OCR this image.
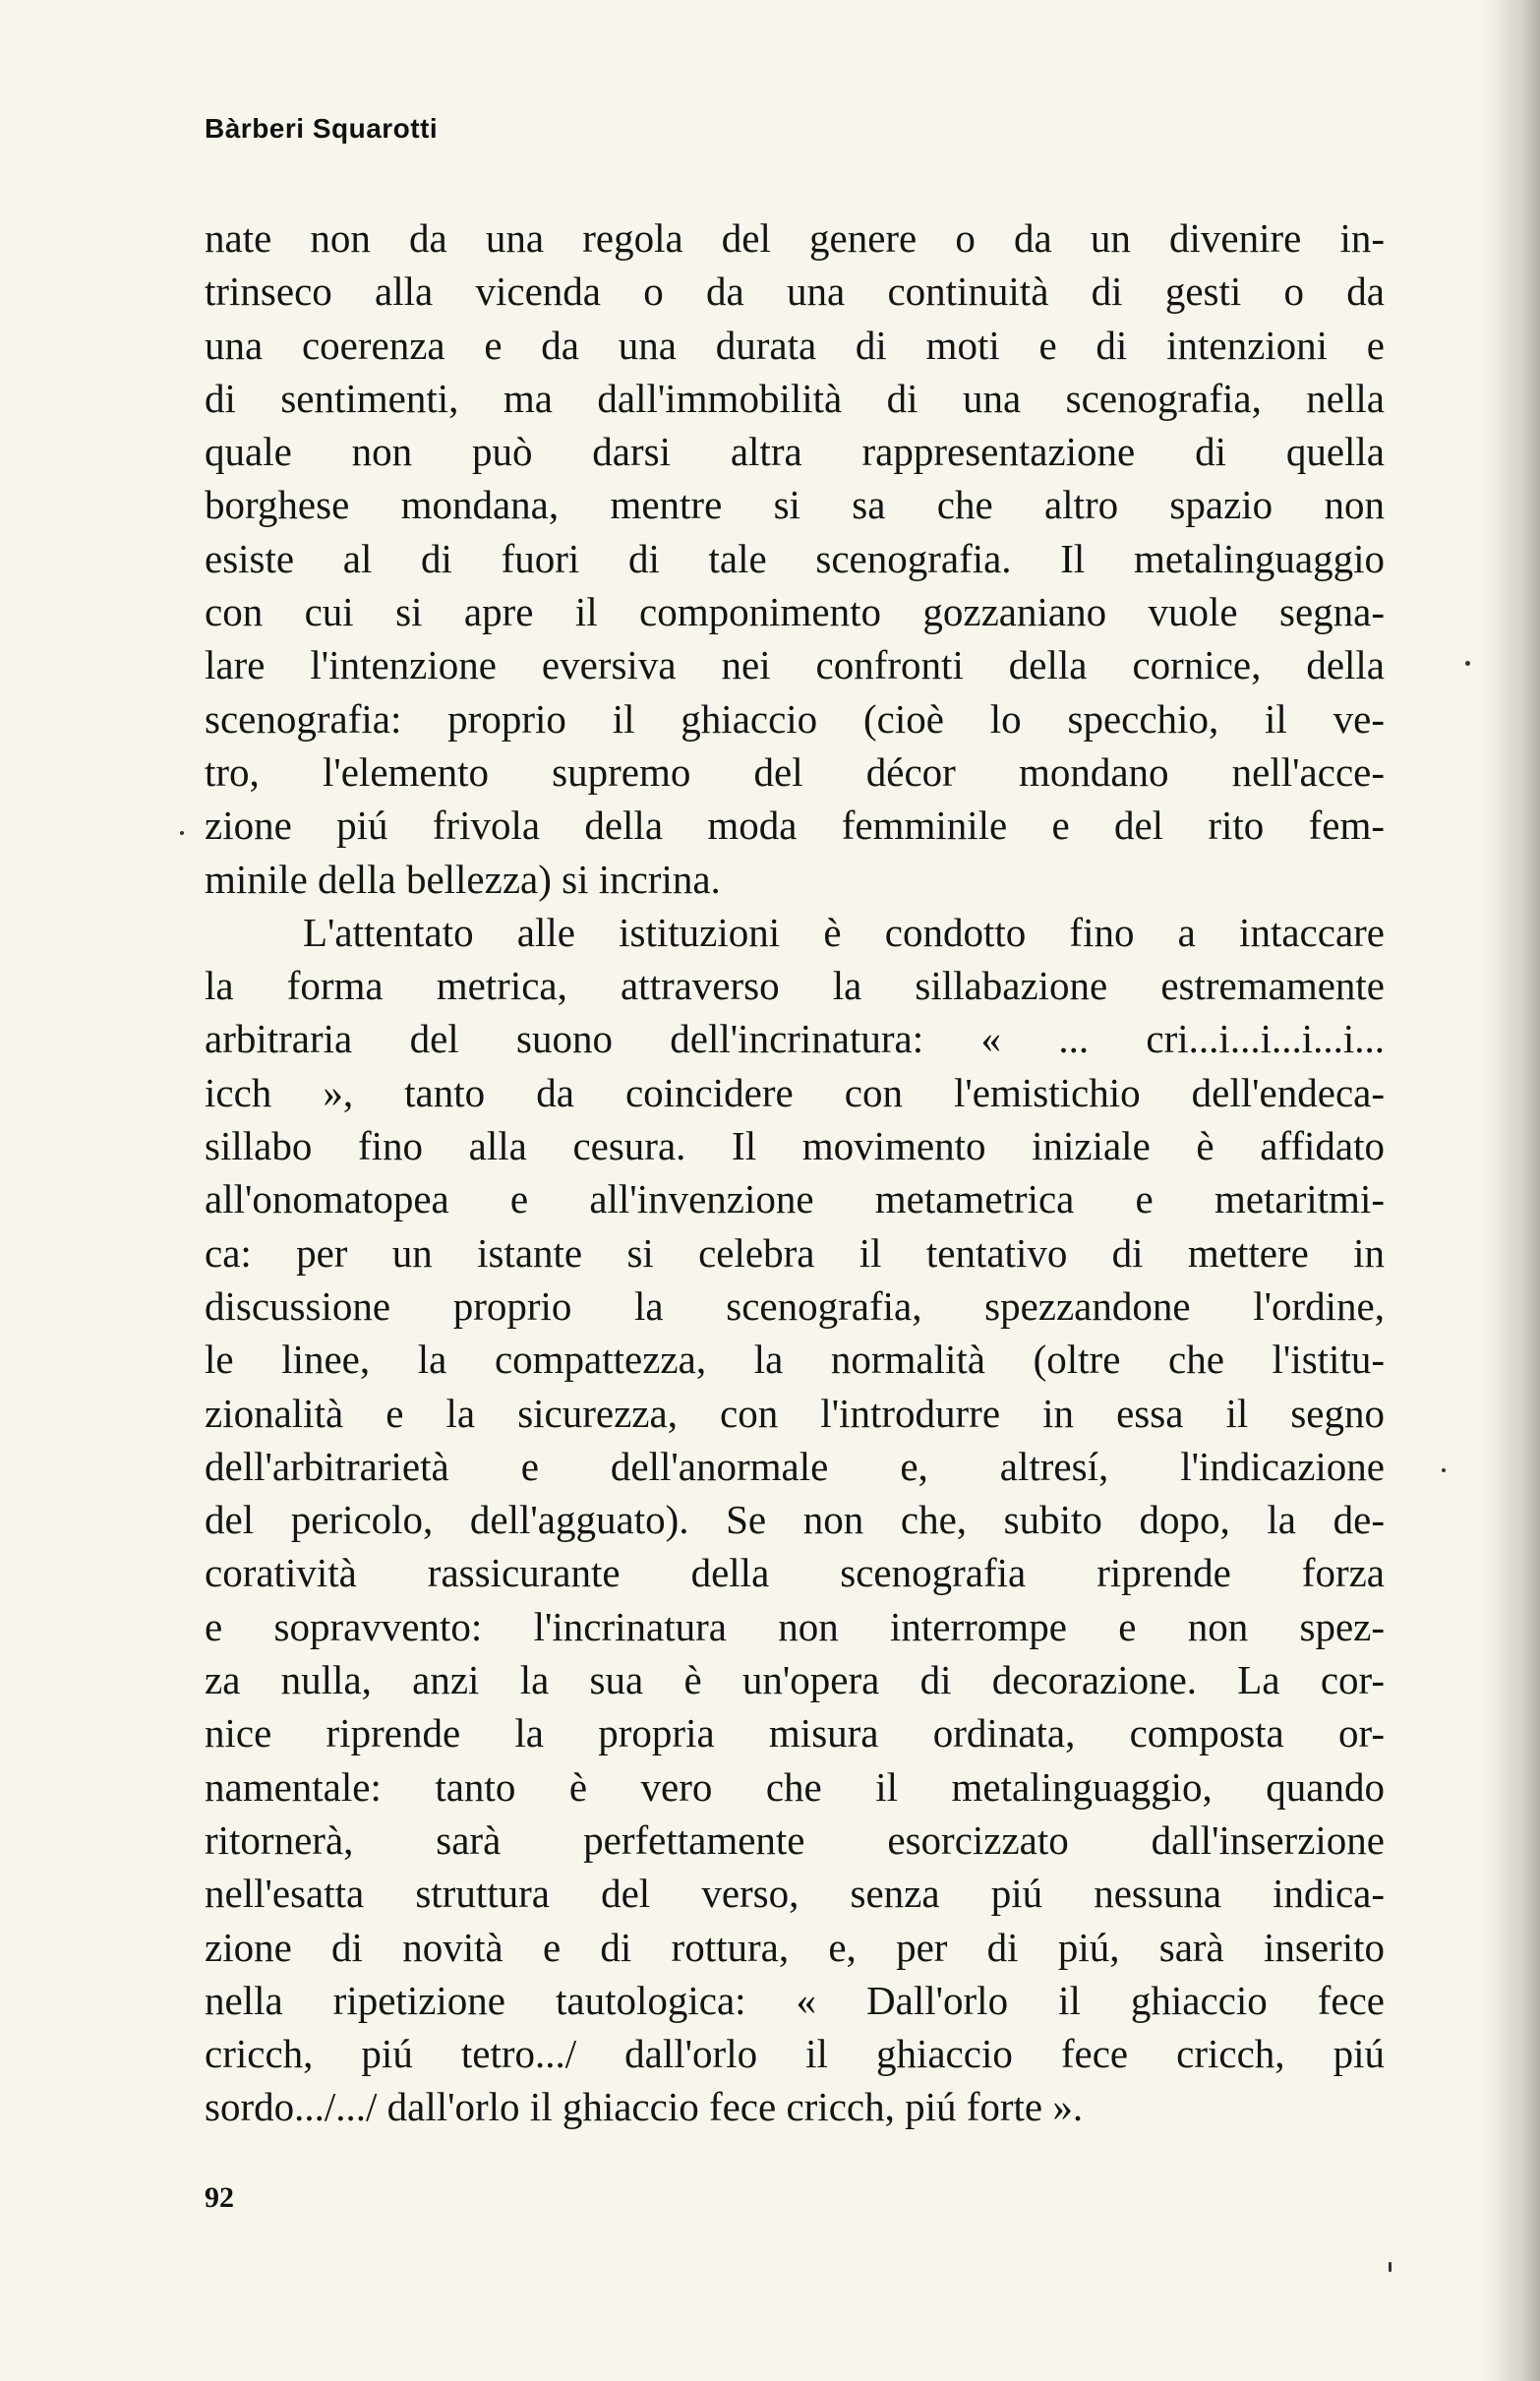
Bàrberi Squarotti
nate non da una regola del genere o da un divenire in-
trinseco alla vicenda o da una continuità di gesti o da
una coerenza e da una durata di moti e di intenzioni e
di sentimenti, ma dall'immobilità di una scenografia, nella
quale non può darsi altra rappresentazione di quella
borghese mondana, mentre si sa che altro spazio non
esiste al di fuori di tale scenografia. Il metalinguaggio
con cui si apre il componimento gozzaniano vuole segna-
lare l'intenzione eversiva nei confronti della cornice, della
scenografia: proprio il ghiaccio (cioè lo specchio, il ve-
tro, l'elemento supremo del décor mondano nell'acce-
zione piú frivola della moda femminile e del rito fem-
minile della bellezza) si incrina.
L'attentato alle istituzioni è condotto fino a intaccare
la forma metrica, attraverso la sillabazione estremamente
arbitraria del suono dell'incrinatura: « ... cri...i...i...i...i...
icch », tanto da coincidere con l'emistichio dell'endeca-
sillabo fino alla cesura. Il movimento iniziale è affidato
all'onomatopea e all'invenzione metametrica e metaritmi-
ca: per un istante si celebra il tentativo di mettere in
discussione proprio la scenografia, spezzandone l'ordine,
le linee, la compattezza, la normalità (oltre che l'istitu-
zionalità e la sicurezza, con l'introdurre in essa il segno
dell'arbitrarietà e dell'anormale e, altresí, l'indicazione
del pericolo, dell'agguato). Se non che, subito dopo, la de-
coratività rassicurante della scenografia riprende forza
e sopravvento: l'incrinatura non interrompe e non spez-
za nulla, anzi la sua è un'opera di decorazione. La cor-
nice riprende la propria misura ordinata, composta or-
namentale: tanto è vero che il metalinguaggio, quando
ritornerà, sarà perfettamente esorcizzato dall'inserzione
nell'esatta struttura del verso, senza piú nessuna indica-
zione di novità e di rottura, e, per di piú, sarà inserito
nella ripetizione tautologica: « Dall'orlo il ghiaccio fece
cricch, piú tetro.../ dall'orlo il ghiaccio fece cricch, piú
sordo.../.../ dall'orlo il ghiaccio fece cricch, piú forte ».
92
